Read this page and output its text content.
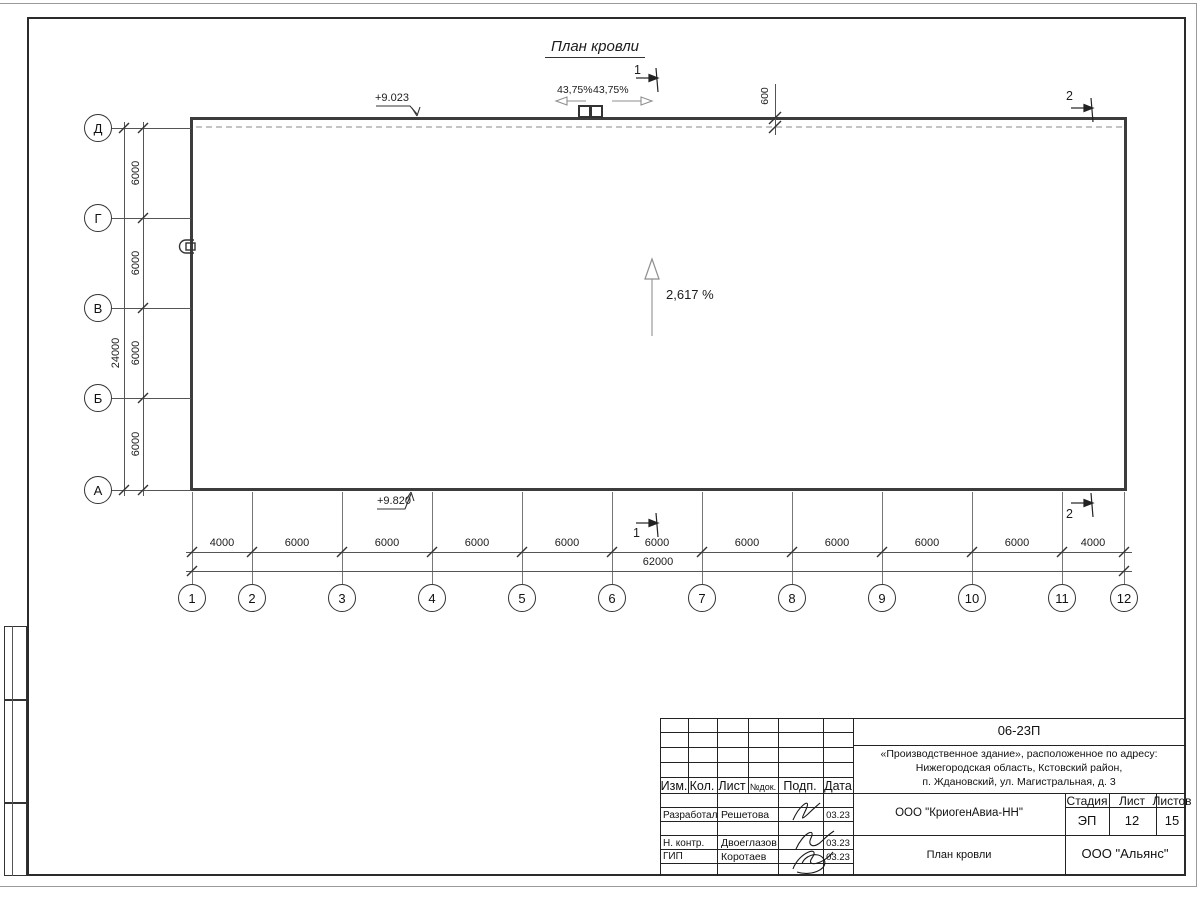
План кровли
Д
Г
В
Б
А
1	2	3	4	5	6	7	8	9	10	11	12
6000
6000
6000
6000
24000
4000	6000	6000	6000	6000	6000	6000	6000	6000	6000	4000
62000
+9.023
+9.820
2,617 %
43,75% 43,75%	600
1
1
2
2
06-23П
«Производственное здание», расположенное по адресу:
Нижегородская область, Кстовский район,
п. Ждановский, ул. Магистральная, д. 3
Изм. Кол. Лист №док. Подп. Дата
Разработал Решетова	03.23
Н. контр. Двоеглазов	03.23
ГИП	Коротаев	03.23
ООО "КриогенАвиа-НН"
Стадия Лист Листов
ЭП 12 15
План кровли	ООО "Альянс"
